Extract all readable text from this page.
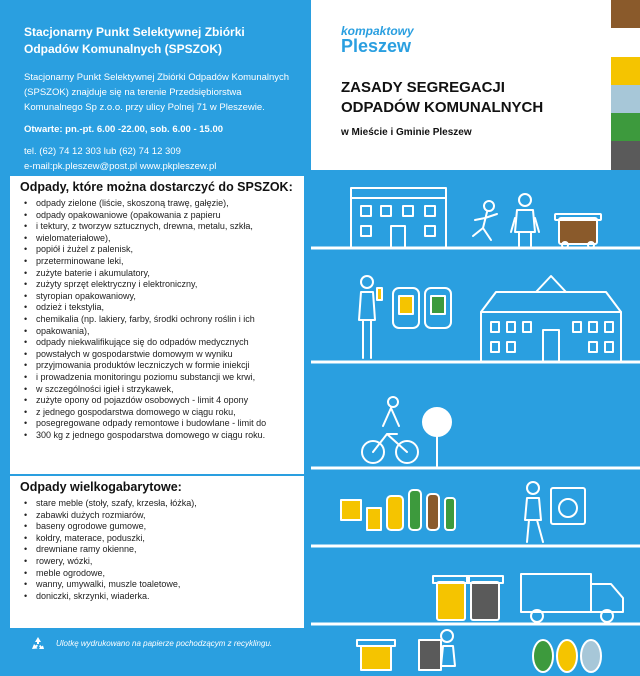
Stacjonarny Punkt Selektywnej Zbiórki
Odpadów Komunalnych (SPSZOK)
Stacjonarny Punkt Selektywnej Zbiórki Odpadów Komunalnych
(SPSZOK) znajduje się na terenie Przedsiębiorstwa
Komunalnego Sp z.o.o. przy ulicy Polnej 71 w Pleszewie.
Otwarte: pn.-pt. 6.00 -22.00, sob. 6.00 - 15.00
tel. (62) 74 12 303 lub (62) 74 12 309
e-mail:pk.pleszew@post.pl www.pkpleszew.pl
Odpady, które można dostarczyć do SPSZOK:
• odpady zielone (liście, skoszoną trawę, gałęzie),
• odpady opakowaniowe (opakowania z papieru
• i tektury, z tworzyw sztucznych, drewna, metalu, szkła,
• wielomateriałowe),
• popiół i żużel z palenisk,
• przeterminowane leki,
• zużyte baterie i akumulatory,
• zużyty sprzęt elektryczny i elektroniczny,
• styropian opakowaniowy,
• odzież i tekstylia,
• chemikalia (np. lakiery, farby, środki ochrony roślin i ich
• opakowania),
• odpady niekwalifikujące się do odpadów medycznych
• powstałych w gospodarstwie domowym w wyniku
• przyjmowania produktów leczniczych w formie iniekcji
• i prowadzenia monitoringu poziomu substancji we krwi,
• w szczególności igieł i strzykawek,
• zużyte opony od pojazdów osobowych - limit 4 opony
• z jednego gospodarstwa domowego w ciągu roku,
• posegregowane odpady remontowe i budowlane - limit do
• 300 kg z jednego gospodarstwa domowego w ciągu roku.
Odpady wielkogabarytowe:
• stare meble (stoły, szafy, krzesła, łóżka),
• zabawki dużych rozmiarów,
• baseny ogrodowe gumowe,
• kołdry, materace, poduszki,
• drewniane ramy okienne,
• rowery, wózki,
• meble ogrodowe,
• wanny, umywalki, muszle toaletowe,
• doniczki, skrzynki, wiaderka.
Ulotkę wydrukowano na papierze pochodzącym z recyklingu.
kompaktowy
Pleszew
ZASADY SEGREGACJI
ODPADÓW KOMUNALNYCH
w Mieście i Gminie Pleszew
